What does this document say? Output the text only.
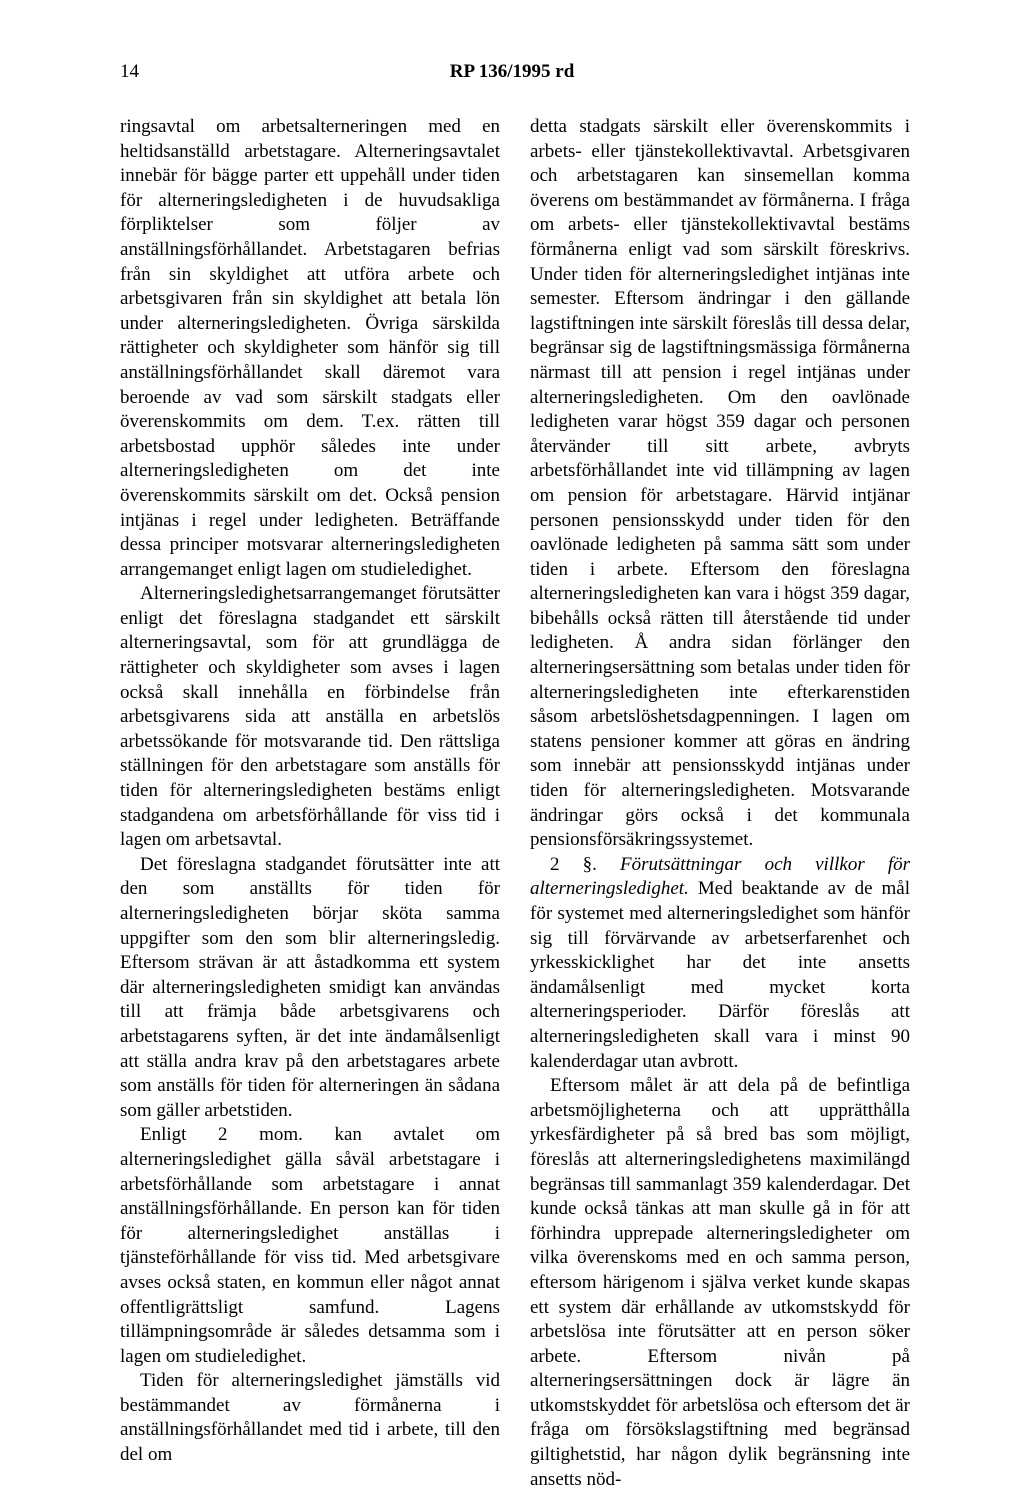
14	RP 136/1995 rd

ringsavtal om arbetsalterneringen med en heltidsanställd arbetstagare. Alterneringsavtalet innebär för bägge parter ett uppehåll under tiden för alterneringsledigheten i de huvudsakliga förpliktelser som följer av anställningsförhållandet. Arbetstagaren befrias från sin skyldighet att utföra arbete och arbetsgivaren från sin skyldighet att betala lön under alterneringsledigheten. Övriga särskilda rättigheter och skyldigheter som hänför sig till anställningsförhållandet skall däremot vara beroende av vad som särskilt stadgats eller överenskommits om dem. T.ex. rätten till arbetsbostad upphör således inte under alterneringsledigheten om det inte överenskommits särskilt om det. Också pension intjänas i regel under ledigheten. Beträffande dessa principer motsvarar alterneringsledigheten arrangemanget enligt lagen om studieledighet.

Alterneringsledighetsarrangemanget förutsätter enligt det föreslagna stadgandet ett särskilt alterneringsavtal, som för att grundlägga de rättigheter och skyldigheter som avses i lagen också skall innehålla en förbindelse från arbetsgivarens sida att anställa en arbetslös arbetssökande för motsvarande tid. Den rättsliga ställningen för den arbetstagare som anställs för tiden för alterneringsledigheten bestäms enligt stadgandena om arbetsförhållande för viss tid i lagen om arbetsavtal.

Det föreslagna stadgandet förutsätter inte att den som anställts för tiden för alterneringsledigheten börjar sköta samma uppgifter som den som blir alterneringsledig. Eftersom strävan är att åstadkomma ett system där alterneringsledigheten smidigt kan användas till att främja både arbetsgivarens och arbetstagarens syften, är det inte ändamålsenligt att ställa andra krav på den arbetstagares arbete som anställs för tiden för alterneringen än sådana som gäller arbetstiden.

Enligt 2 mom. kan avtalet om alterneringsledighet gälla såväl arbetstagare i arbetsförhållande som arbetstagare i annat anställningsförhållande. En person kan för tiden för alterneringsledighet anställas i tjänsteförhållande för viss tid. Med arbetsgivare avses också staten, en kommun eller något annat offentligrättsligt samfund. Lagens tillämpningsområde är således detsamma som i lagen om studieledighet.

Tiden för alterneringsledighet jämställs vid bestämmandet av förmånerna i anställningsförhållandet med tid i arbete, till den del om

detta stadgats särskilt eller överenskommits i arbets- eller tjänstekollektivavtal. Arbetsgivaren och arbetstagaren kan sinsemellan komma överens om bestämmandet av förmånerna. I fråga om arbets- eller tjänstekollektivavtal bestäms förmånerna enligt vad som särskilt föreskrivs. Under tiden för alterneringsledighet intjänas inte semester. Eftersom ändringar i den gällande lagstiftningen inte särskilt föreslås till dessa delar, begränsar sig de lagstiftningsmässiga förmånerna närmast till att pension i regel intjänas under alterneringsledigheten. Om den oavlönade ledigheten varar högst 359 dagar och personen återvänder till sitt arbete, avbryts arbetsförhållandet inte vid tillämpning av lagen om pension för arbetstagare. Härvid intjänar personen pensionsskydd under tiden för den oavlönade ledigheten på samma sätt som under tiden i arbete. Eftersom den föreslagna alterneringsledigheten kan vara i högst 359 dagar, bibehålls också rätten till återstående tid under ledigheten. Å andra sidan förlänger den alterneringsersättning som betalas under tiden för alterneringsledigheten inte efterkarenstiden såsom arbetslöshetsdagpenningen. I lagen om statens pensioner kommer att göras en ändring som innebär att pensionsskydd intjänas under tiden för alterneringsledigheten. Motsvarande ändringar görs också i det kommunala pensionsförsäkringssystemet.

2 §. Förutsättningar och villkor för alterneringsledighet. Med beaktande av de mål för systemet med alterneringsledighet som hänför sig till förvärvande av arbetserfarenhet och yrkesskicklighet har det inte ansetts ändamålsenligt med mycket korta alterneringsperioder. Därför föreslås att alterneringsledigheten skall vara i minst 90 kalenderdagar utan avbrott.

Eftersom målet är att dela på de befintliga arbetsmöjligheterna och att upprätthålla yrkesfärdigheter på så bred bas som möjligt, föreslås att alterneringsledighetens maximilängd begränsas till sammanlagt 359 kalenderdagar. Det kunde också tänkas att man skulle gå in för att förhindra upprepade alterneringsledigheter om vilka överenskoms med en och samma person, eftersom härigenom i själva verket kunde skapas ett system där erhållande av utkomstskydd för arbetslösa inte förutsätter att en person söker arbete. Eftersom nivån på alterneringsersättningen dock är lägre än utkomstskyddet för arbetslösa och eftersom det är fråga om försökslagstiftning med begränsad giltighetstid, har någon dylik begränsning inte ansetts nöd-
